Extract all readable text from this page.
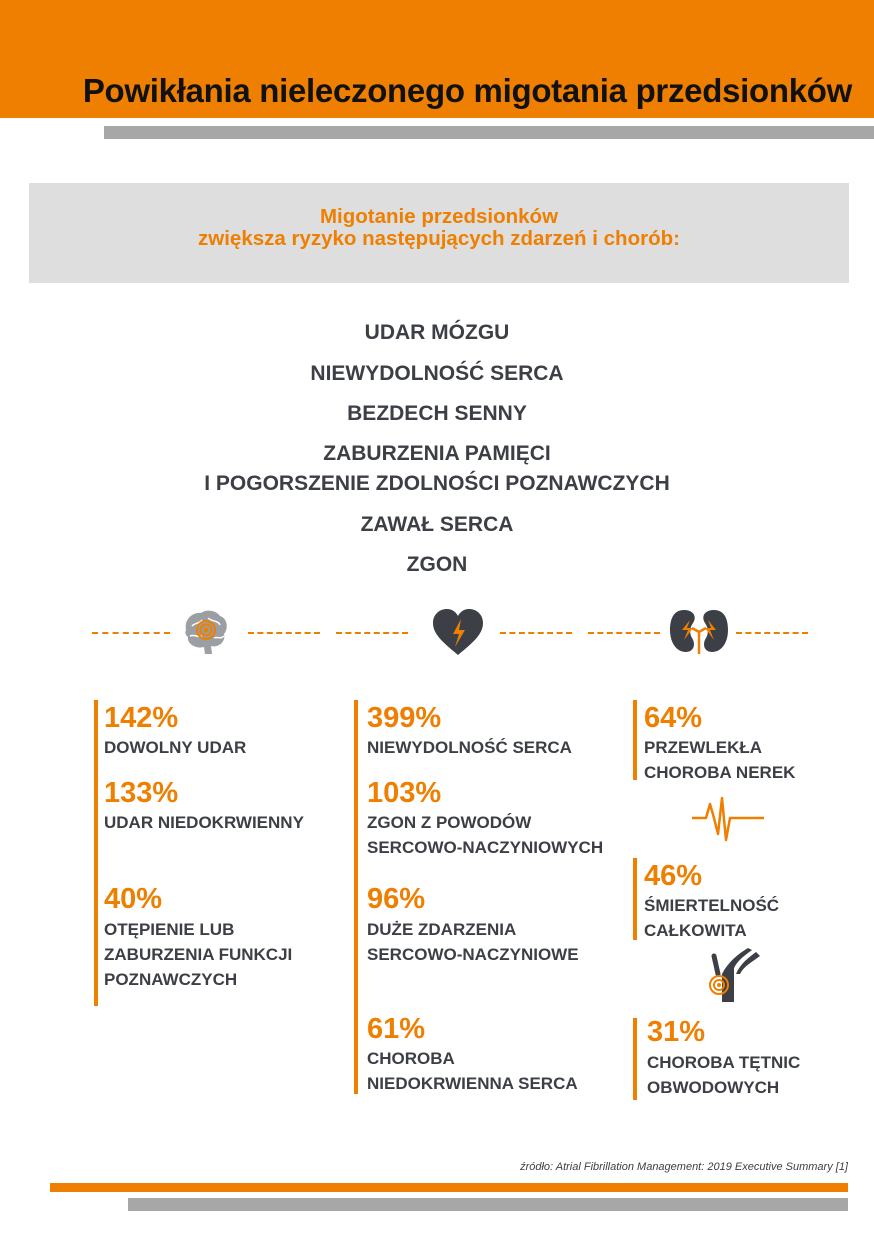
Powikłania nieleczonego migotania przedsionków
Migotanie przedsionków
zwiększa ryzyko następujących zdarzeń i chorób:
UDAR MÓZGU
NIEWYDOLNOŚĆ SERCA
BEZDECH SENNY
ZABURZENIA PAMIĘCI
I POGORSZENIE ZDOLNOŚCI POZNAWCZYCH
ZAWAŁ SERCA
ZGON
142%
DOWOLNY UDAR
133%
UDAR NIEDOKRWIENNY
40%
OTĘPIENIE LUB
ZABURZENIA FUNKCJI
POZNAWCZYCH
399%
NIEWYDOLNOŚĆ SERCA
103%
ZGON Z POWODÓW
SERCOWO-NACZYNIOWYCH
96%
DUŻE ZDARZENIA
SERCOWO-NACZYNIOWE
61%
CHOROBA
NIEDOKRWIENNA SERCA
64%
PRZEWLEKŁA
CHOROBA NEREK
46%
ŚMIERTELNOŚĆ
CAŁKOWITA
31%
CHOROBA TĘTNIC
OBWODOWYCH
źródło: Atrial Fibrillation Management: 2019 Executive Summary [1]
